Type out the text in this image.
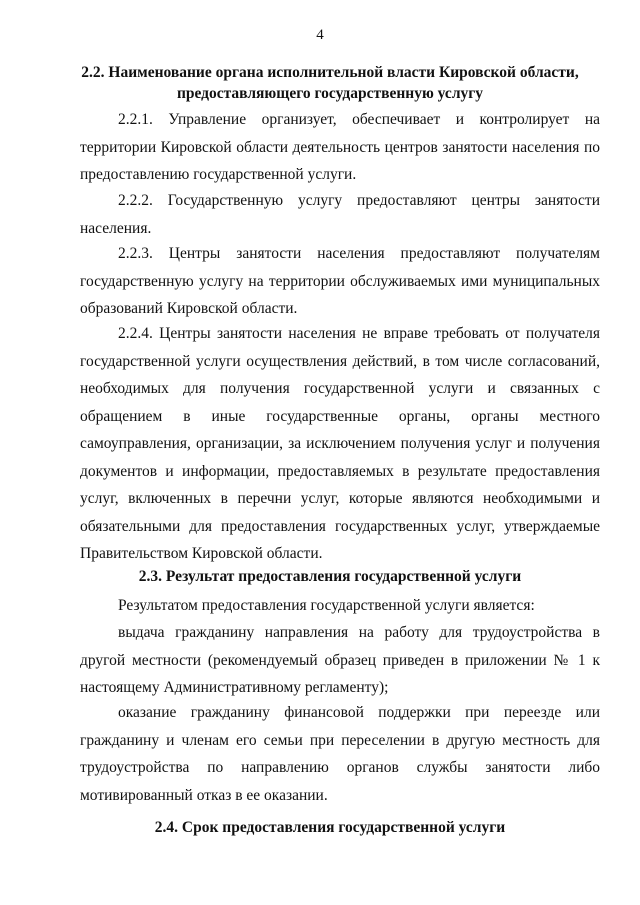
4
2.2. Наименование органа исполнительной власти Кировской области,
предоставляющего государственную услугу
2.2.1. Управление организует, обеспечивает и контролирует на территории Кировской области деятельность центров занятости населения по предоставлению государственной услуги.
2.2.2. Государственную услугу предоставляют центры занятости населения.
2.2.3. Центры занятости населения предоставляют получателям государственную услугу на территории обслуживаемых ими муниципальных образований Кировской области.
2.2.4. Центры занятости населения не вправе требовать от получателя государственной услуги осуществления действий, в том числе согласований, необходимых для получения государственной услуги и связанных с обращением в иные государственные органы, органы местного самоуправления, организации, за исключением получения услуг и получения документов и информации, предоставляемых в результате предоставления услуг, включенных в перечни услуг, которые являются необходимыми и обязательными для предоставления государственных услуг, утверждаемые Правительством Кировской области.
2.3. Результат предоставления государственной услуги
Результатом предоставления государственной услуги является:
выдача гражданину направления на работу для трудоустройства в другой местности (рекомендуемый образец приведен в приложении № 1 к настоящему Административному регламенту);
оказание гражданину финансовой поддержки при переезде или гражданину и членам его семьи при переселении в другую местность для трудоустройства по направлению органов службы занятости либо мотивированный отказ в ее оказании.
2.4. Срок предоставления государственной услуги
